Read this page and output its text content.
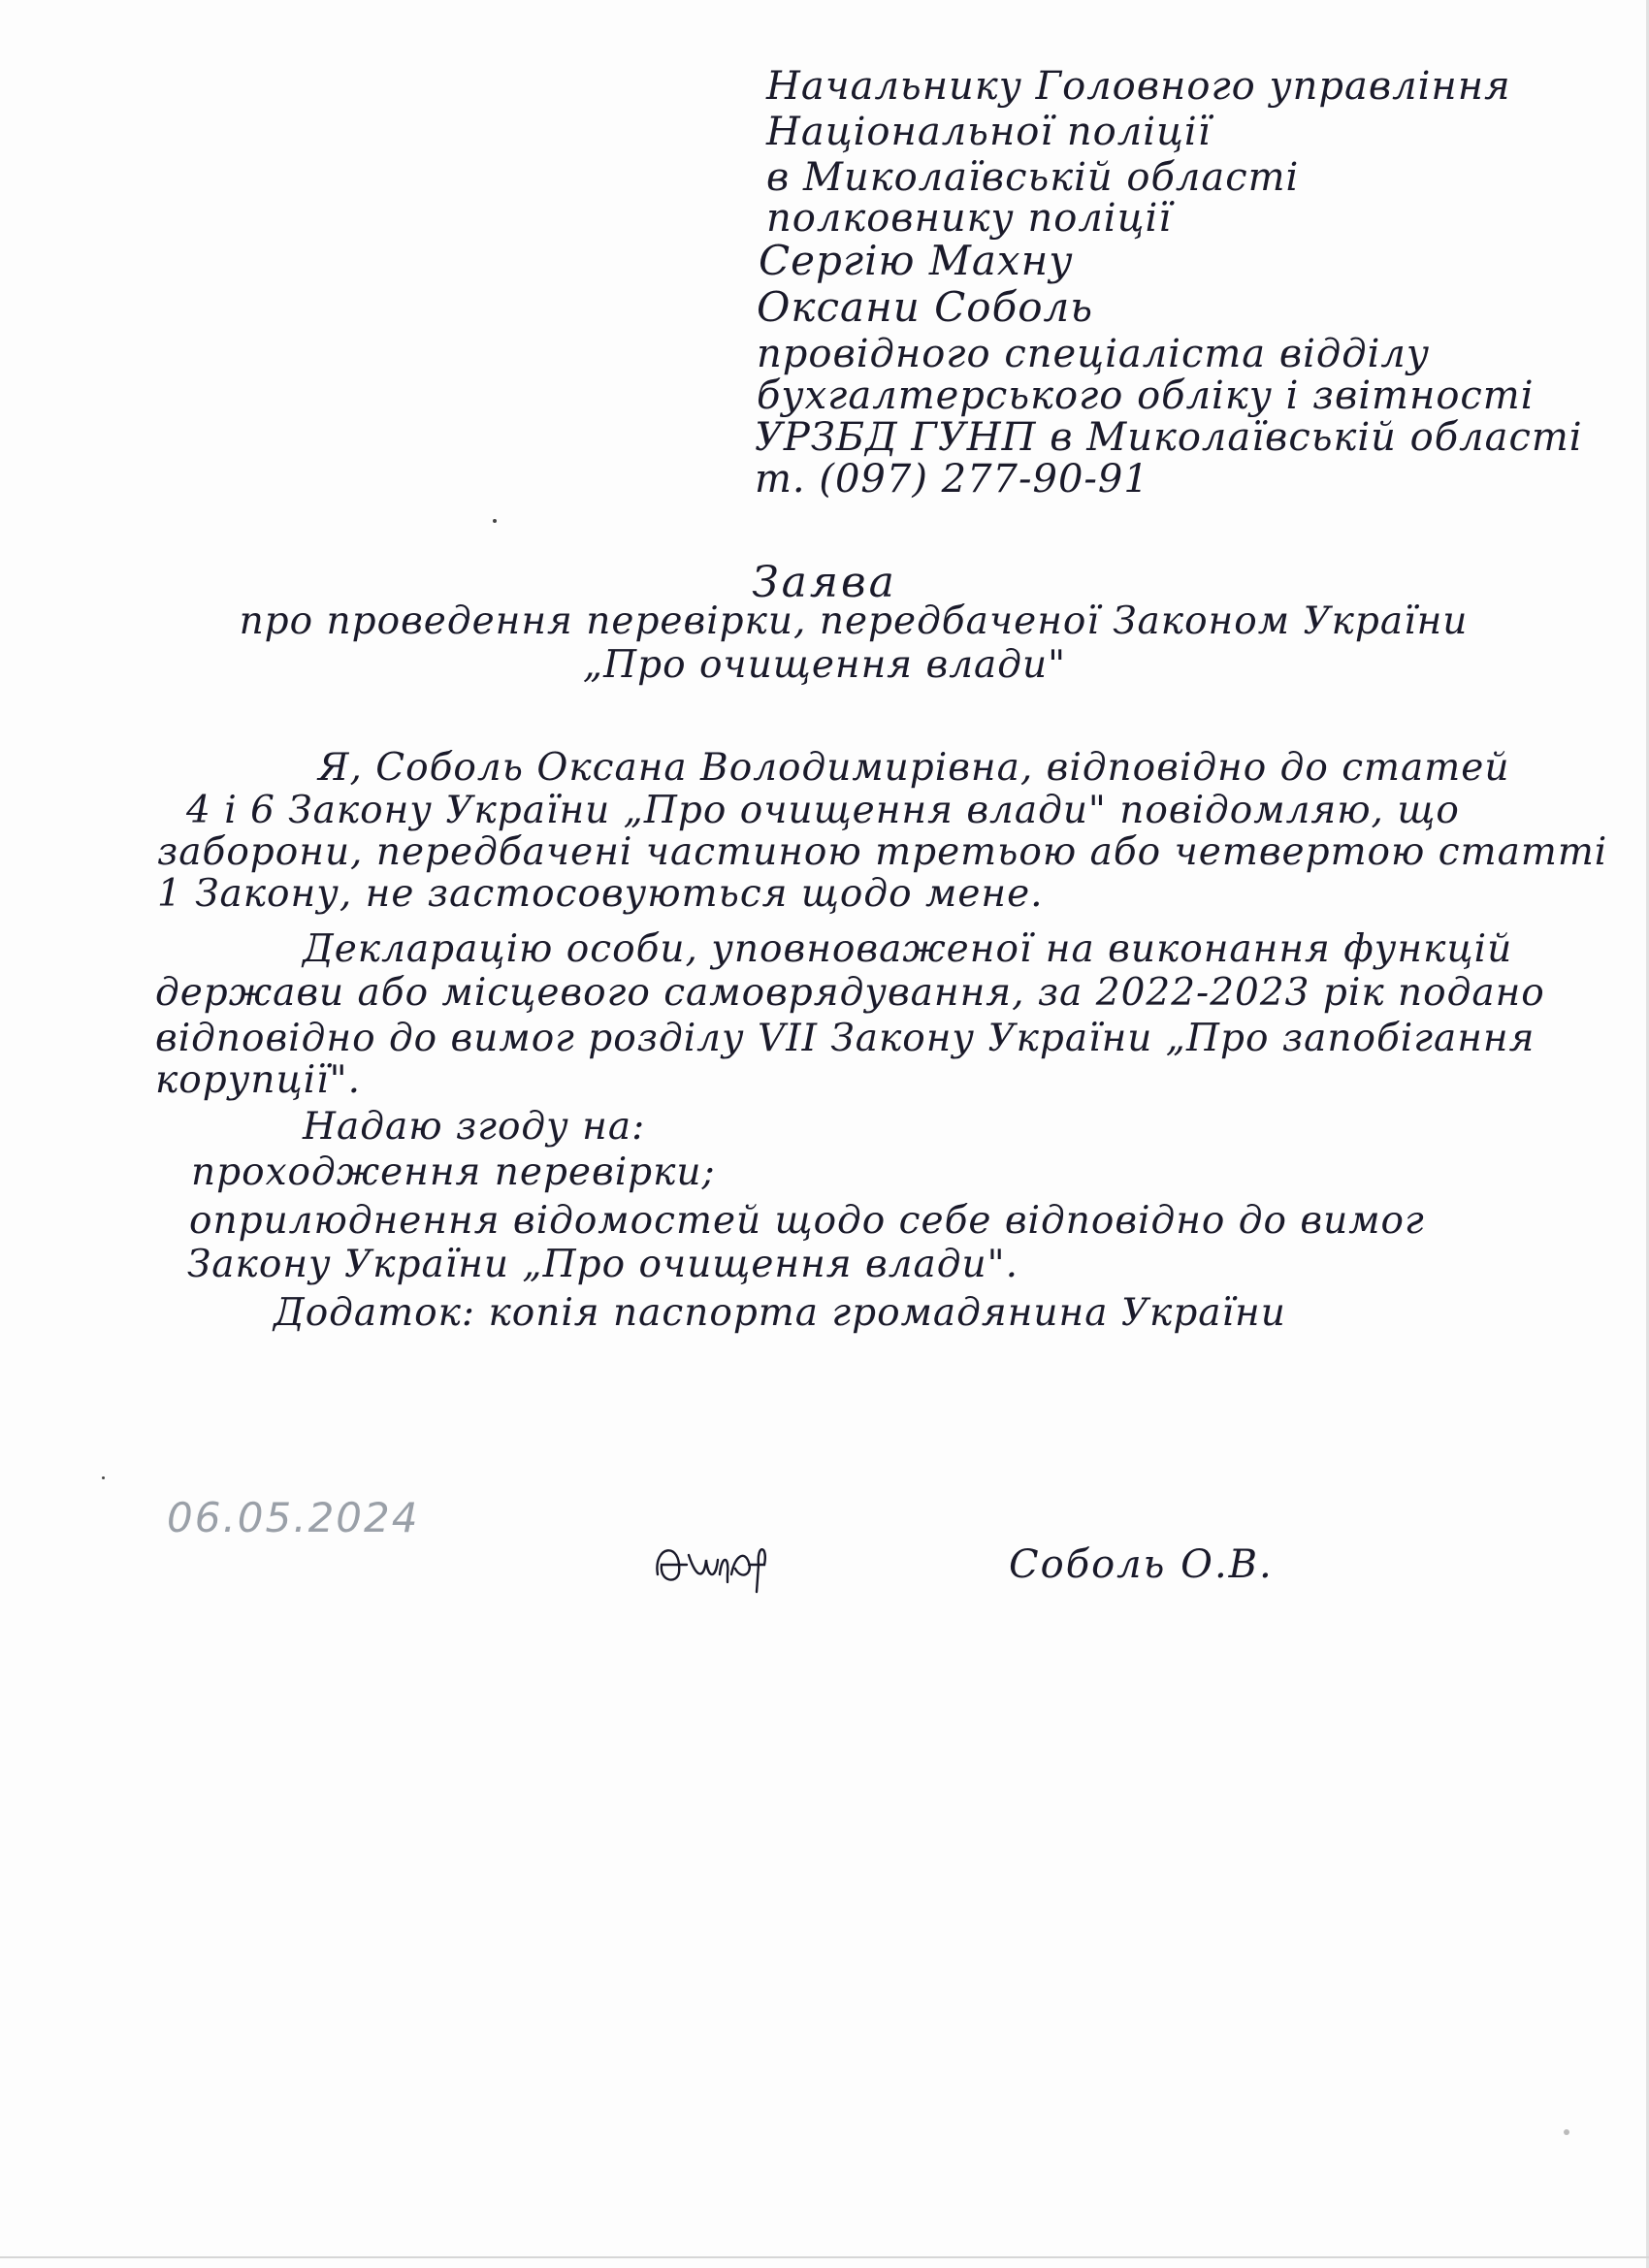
Начальнику Головного управління
Національної поліції
в Миколаївській області
полковнику поліції
Сергію Махну
Оксани Соболь
провідного спеціаліста відділу
бухгалтерського обліку і звітності
УРЗБД ГУНП в Миколаївській області
т. (097) 277-90-91
Заява
про проведення перевірки, передбаченої Законом України
„Про очищення влади"
Я, Соболь Оксана Володимирівна, відповідно до статей
4 і 6 Закону України „Про очищення влади" повідомляю, що
заборони, передбачені частиною третьою або четвертою статті
1 Закону, не застосовуються щодо мене.
Декларацію особи, уповноваженої на виконання функцій
держави або місцевого самоврядування, за 2022-2023 рік подано
відповідно до вимог розділу VII Закону України „Про запобігання
корупції".
Надаю згоду на:
проходження перевірки;
оприлюднення відомостей щодо себе відповідно до вимог
Закону України „Про очищення влади".
Додаток: копія паспорта громадянина України
06.05.2024
Соболь О.В.
